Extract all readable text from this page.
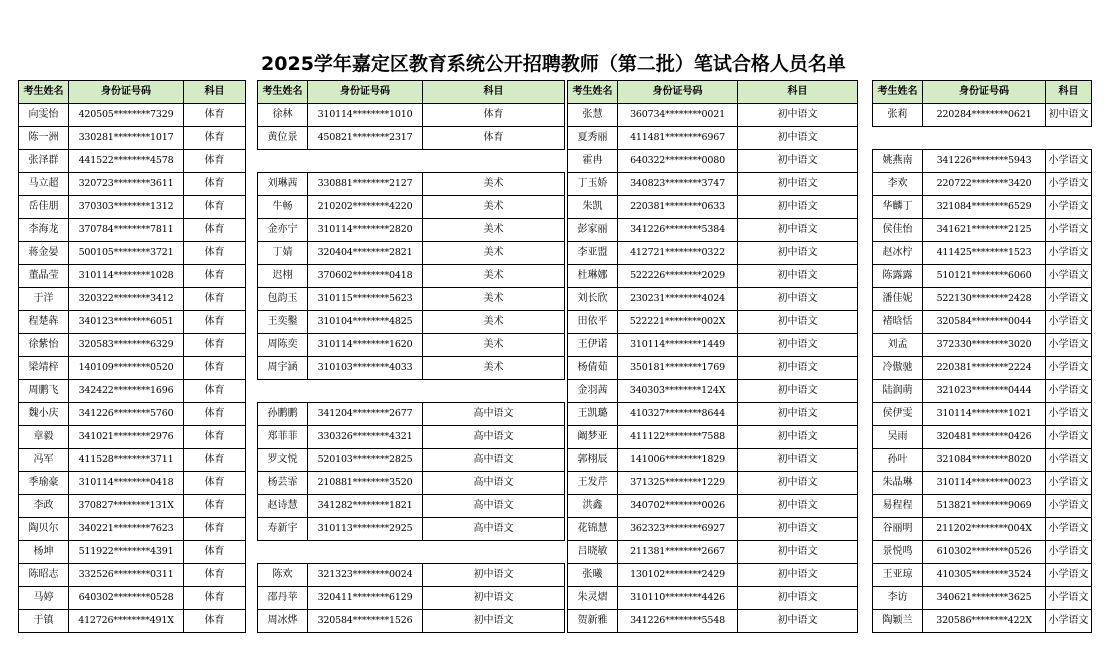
2025学年嘉定区教育系统公开招聘教师（第二批）笔试合格人员名单
考生姓名	身份证号码	科目
向雯怡	420505********7329	体育
陈一洲	330281********1017	体育
张泽群	441522********4578	体育
马立超	320723********3611	体育
岳佳朋	370303********1312	体育
李海龙	370784********7811	体育
蒋金晏	500105********3721	体育
董晶莹	310114********1028	体育
于洋	320322********3412	体育
程楚犇	340123********6051	体育
徐紫怡	320583********6329	体育
梁靖梓	140109********0520	体育
周鹏飞	342422********1696	体育
魏小庆	341226********5760	体育
章毅	341021********2976	体育
冯军	411528********3711	体育
季瑜豪	310114********0418	体育
李政	370827********131X	体育
陶贝尔	340221********7623	体育
杨坤	511922********4391	体育
陈昭志	332526********0311	体育
马婷	640302********0528	体育
于镇	412726********491X	体育
考生姓名	身份证号码	科目
徐林	310114********1010	体育
黄位景	450821********2317	体育

刘琳茜	330881********2127	美术
牛畅	210202********4220	美术
金亦宁	310114********2820	美术
丁婧	320404********2821	美术
迟栩	370602********0418	美术
包韵玉	310115********5623	美术
王奕鑿	310104********4825	美术
周陈奕	310114********1620	美术
周宇涵	310103********4033	美术

孙鹏鹏	341204********2677	高中语文
郑菲菲	330326********4321	高中语文
罗文悦	520103********2825	高中语文
杨芸霏	210881********3520	高中语文
赵诗慧	341282********1821	高中语文
寿新宇	310113********2925	高中语文

陈欢	321323********0024	初中语文
邵丹苹	320411********6129	初中语文
周冰烨	320584********1526	初中语文
考生姓名	身份证号码	科目
张慧	360734********0021	初中语文
夏秀丽	411481********6967	初中语文
霍冉	640322********0080	初中语文
丁玉娇	340823********3747	初中语文
朱凯	220381********0633	初中语文
彭家丽	341226********5384	初中语文
李亚盟	412721********0322	初中语文
杜琳娜	522226********2029	初中语文
刘长欣	230231********4024	初中语文
田依平	522221********002X	初中语文
王伊诺	310114********1449	初中语文
杨倩茹	350181********1769	初中语文
金羽茜	340303********124X	初中语文
王凯璐	410327********8644	初中语文
阚梦亚	411122********7588	初中语文
郭栩辰	141006********1829	初中语文
王发芹	371325********1229	初中语文
洪鑫	340702********0026	初中语文
花锦慧	362323********6927	初中语文
吕晓敏	211381********2667	初中语文
张曦	130102********2429	初中语文
朱灵熠	310110********4426	初中语文
贺新雅	341226********5548	初中语文
考生姓名	身份证号码	科目
张莉	220284********0621	初中语文

姚燕南	341226********5943	小学语文
李欢	220722********3420	小学语文
华麟丁	321084********6529	小学语文
侯佳怡	341621********2125	小学语文
赵冰柠	411425********1523	小学语文
陈露露	510121********6060	小学语文
潘佳妮	522130********2428	小学语文
褚晗恬	320584********0044	小学语文
刘孟	372330********3020	小学语文
冷傲驰	220381********2224	小学语文
陆润萌	321023********0444	小学语文
侯伊雯	310114********1021	小学语文
吴雨	320481********0426	小学语文
孙叶	321084********8020	小学语文
朱晶琳	310114********0023	小学语文
易程程	513821********9069	小学语文
谷丽明	211202********004X	小学语文
景悦鸣	610302********0526	小学语文
王亚琼	410305********3524	小学语文
李访	340621********3625	小学语文
陶颖兰	320586********422X	小学语文
